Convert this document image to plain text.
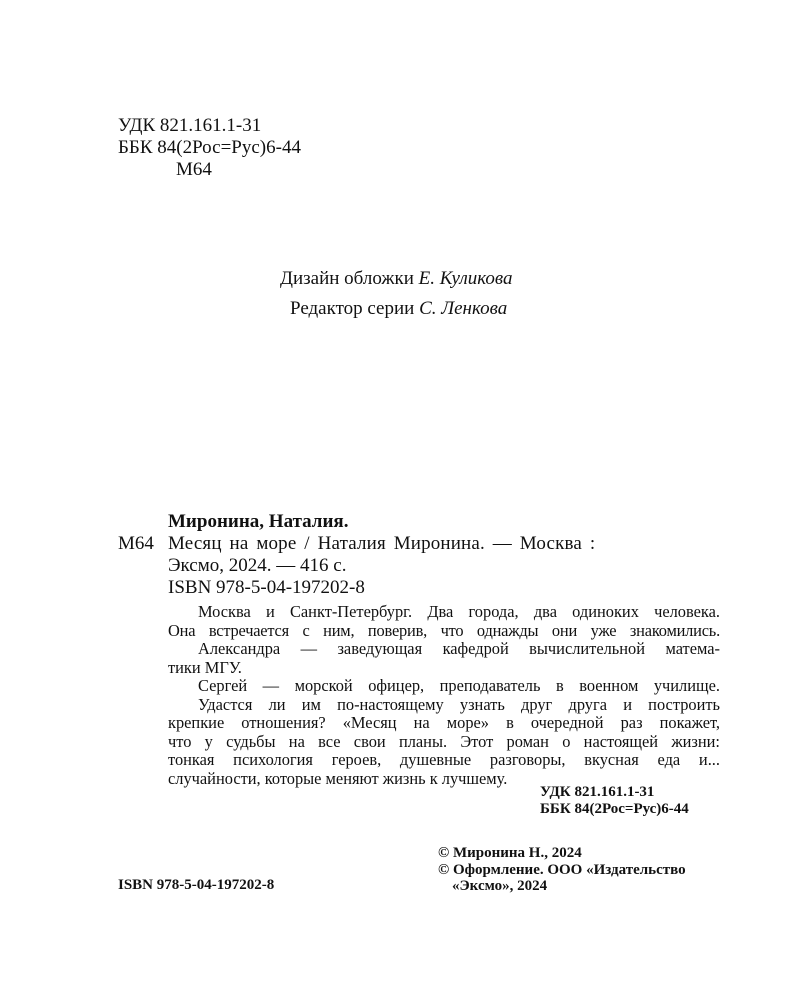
УДК 821.161.1-31
ББК 84(2Рос=Рус)6-44
М64
Дизайн обложки Е. Куликова
Редактор серии С. Ленкова
Миронина, Наталия.
М64 Месяц на море / Наталия Миронина. — Москва :
Эксмо, 2024. — 416 с.
ISBN 978-5-04-197202-8

Москва и Санкт-Петербург. Два города, два одиноких человека.

Она встречается с ним, поверив, что однажды они уже знакомились.

Александра — заведующая кафедрой вычислительной матема-

тики МГУ.

Сергей — морской офицер, преподаватель в военном училище.

Удастся ли им по-настоящему узнать друг друга и построить

крепкие отношения? «Месяц на море» в очередной раз покажет,

что у судьбы на все свои планы. Этот роман о настоящей жизни:

тонкая психология героев, душевные разговоры, вкусная еда и...

случайности, которые меняют жизнь к лучшему.

УДК 821.161.1-31
ББК 84(2Рос=Рус)6-44
ISBN 978-5-04-197202-8
© Миронина Н., 2024
© Оформление. ООО «Издательство
«Эксмо», 2024
